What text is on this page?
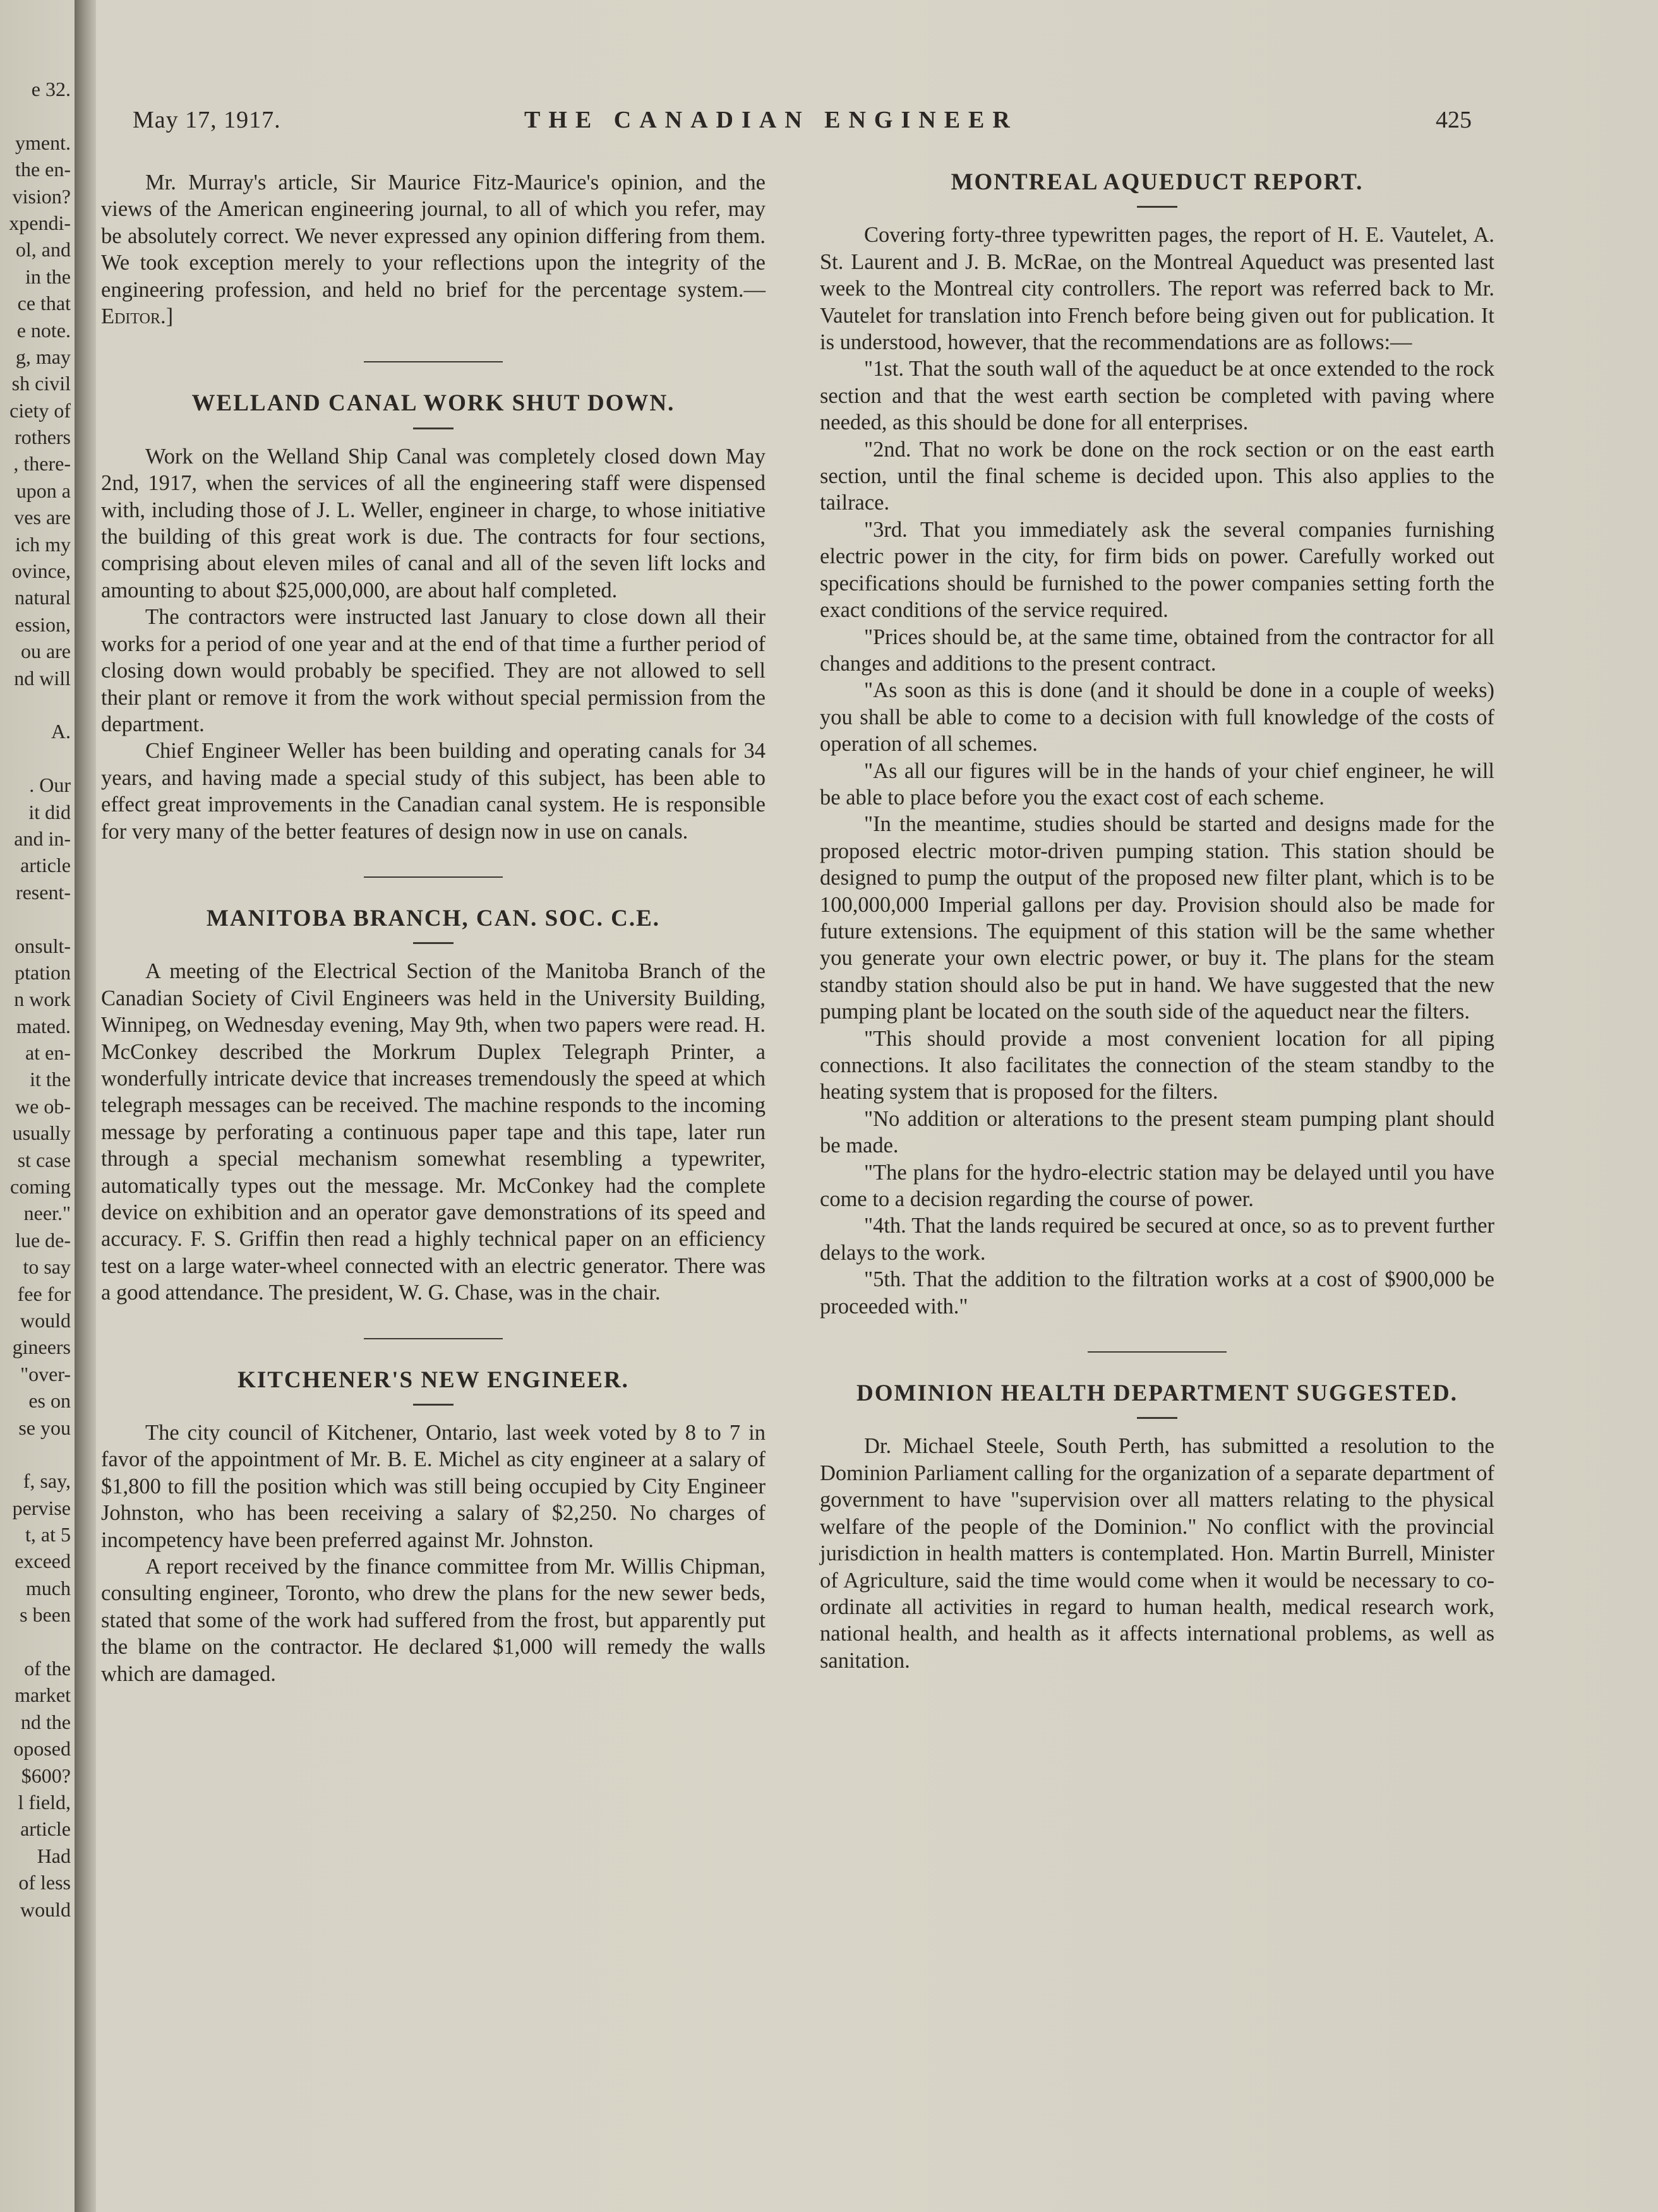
e 32.
yment.
the en-
vision?
xpendi-
ol, and
in the
ce that
e note.
g, may
sh civil
ciety of
rothers
, there-
upon a
ves are
ich my
ovince,
natural
ession,
ou are
nd will
A.
. Our
it did
and in-
article
resent-
onsult-
ptation
n work
mated.
at en-
it the
we ob-
usually
st case
coming
neer."
lue de-
to say
fee for
would
gineers
"over-
es on
se you
f, say,
pervise
t, at 5
exceed
much
s been
of the
market
nd the
oposed
$600?
l field,
article
Had
of less
would
May 17, 1917.	THE CANADIAN ENGINEER	425

Mr. Murray's article, Sir Maurice Fitz-Maurice's opinion, and the views of the American engineering journal, to all of which you refer, may be absolutely correct. We never expressed any opinion differing from them. We took exception merely to your reflections upon the integrity of the engineering profession, and held no brief for the percentage system.—Editor.]

WELLAND CANAL WORK SHUT DOWN.

Work on the Welland Ship Canal was completely closed down May 2nd, 1917, when the services of all the engineering staff were dispensed with, including those of J. L. Weller, engineer in charge, to whose initiative the building of this great work is due. The contracts for four sections, comprising about eleven miles of canal and all of the seven lift locks and amounting to about $25,000,000, are about half completed.

The contractors were instructed last January to close down all their works for a period of one year and at the end of that time a further period of closing down would probably be specified. They are not allowed to sell their plant or remove it from the work without special permission from the department.

Chief Engineer Weller has been building and operating canals for 34 years, and having made a special study of this subject, has been able to effect great improvements in the Canadian canal system. He is responsible for very many of the better features of design now in use on canals.

MANITOBA BRANCH, CAN. SOC. C.E.

A meeting of the Electrical Section of the Manitoba Branch of the Canadian Society of Civil Engineers was held in the University Building, Winnipeg, on Wednesday evening, May 9th, when two papers were read. H. McConkey described the Morkrum Duplex Telegraph Printer, a wonderfully intricate device that increases tremendously the speed at which telegraph messages can be received. The machine responds to the incoming message by perforating a continuous paper tape and this tape, later run through a special mechanism somewhat resembling a typewriter, automatically types out the message. Mr. McConkey had the complete device on exhibition and an operator gave demonstrations of its speed and accuracy. F. S. Griffin then read a highly technical paper on an efficiency test on a large water-wheel connected with an electric generator. There was a good attendance. The president, W. G. Chase, was in the chair.

KITCHENER'S NEW ENGINEER.

The city council of Kitchener, Ontario, last week voted by 8 to 7 in favor of the appointment of Mr. B. E. Michel as city engineer at a salary of $1,800 to fill the position which was still being occupied by City Engineer Johnston, who has been receiving a salary of $2,250. No charges of incompetency have been preferred against Mr. Johnston.

A report received by the finance committee from Mr. Willis Chipman, consulting engineer, Toronto, who drew the plans for the new sewer beds, stated that some of the work had suffered from the frost, but apparently put the blame on the contractor. He declared $1,000 will remedy the walls which are damaged.

MONTREAL AQUEDUCT REPORT.

Covering forty-three typewritten pages, the report of H. E. Vautelet, A. St. Laurent and J. B. McRae, on the Montreal Aqueduct was presented last week to the Montreal city controllers. The report was referred back to Mr. Vautelet for translation into French before being given out for publication. It is understood, however, that the recommendations are as follows:—

"1st. That the south wall of the aqueduct be at once extended to the rock section and that the west earth section be completed with paving where needed, as this should be done for all enterprises.

"2nd. That no work be done on the rock section or on the east earth section, until the final scheme is decided upon. This also applies to the tailrace.

"3rd. That you immediately ask the several companies furnishing electric power in the city, for firm bids on power. Carefully worked out specifications should be furnished to the power companies setting forth the exact conditions of the service required.

"Prices should be, at the same time, obtained from the contractor for all changes and additions to the present contract.

"As soon as this is done (and it should be done in a couple of weeks) you shall be able to come to a decision with full knowledge of the costs of operation of all schemes.

"As all our figures will be in the hands of your chief engineer, he will be able to place before you the exact cost of each scheme.

"In the meantime, studies should be started and designs made for the proposed electric motor-driven pumping station. This station should be designed to pump the output of the proposed new filter plant, which is to be 100,000,000 Imperial gallons per day. Provision should also be made for future extensions. The equipment of this station will be the same whether you generate your own electric power, or buy it. The plans for the steam standby station should also be put in hand. We have suggested that the new pumping plant be located on the south side of the aqueduct near the filters.

"This should provide a most convenient location for all piping connections. It also facilitates the connection of the steam standby to the heating system that is proposed for the filters.

"No addition or alterations to the present steam pumping plant should be made.

"The plans for the hydro-electric station may be delayed until you have come to a decision regarding the course of power.

"4th. That the lands required be secured at once, so as to prevent further delays to the work.

"5th. That the addition to the filtration works at a cost of $900,000 be proceeded with."

DOMINION HEALTH DEPARTMENT SUGGESTED.

Dr. Michael Steele, South Perth, has submitted a resolution to the Dominion Parliament calling for the organization of a separate department of government to have "supervision over all matters relating to the physical welfare of the people of the Dominion." No conflict with the provincial jurisdiction in health matters is contemplated. Hon. Martin Burrell, Minister of Agriculture, said the time would come when it would be necessary to co-ordinate all activities in regard to human health, medical research work, national health, and health as it affects international problems, as well as sanitation.
